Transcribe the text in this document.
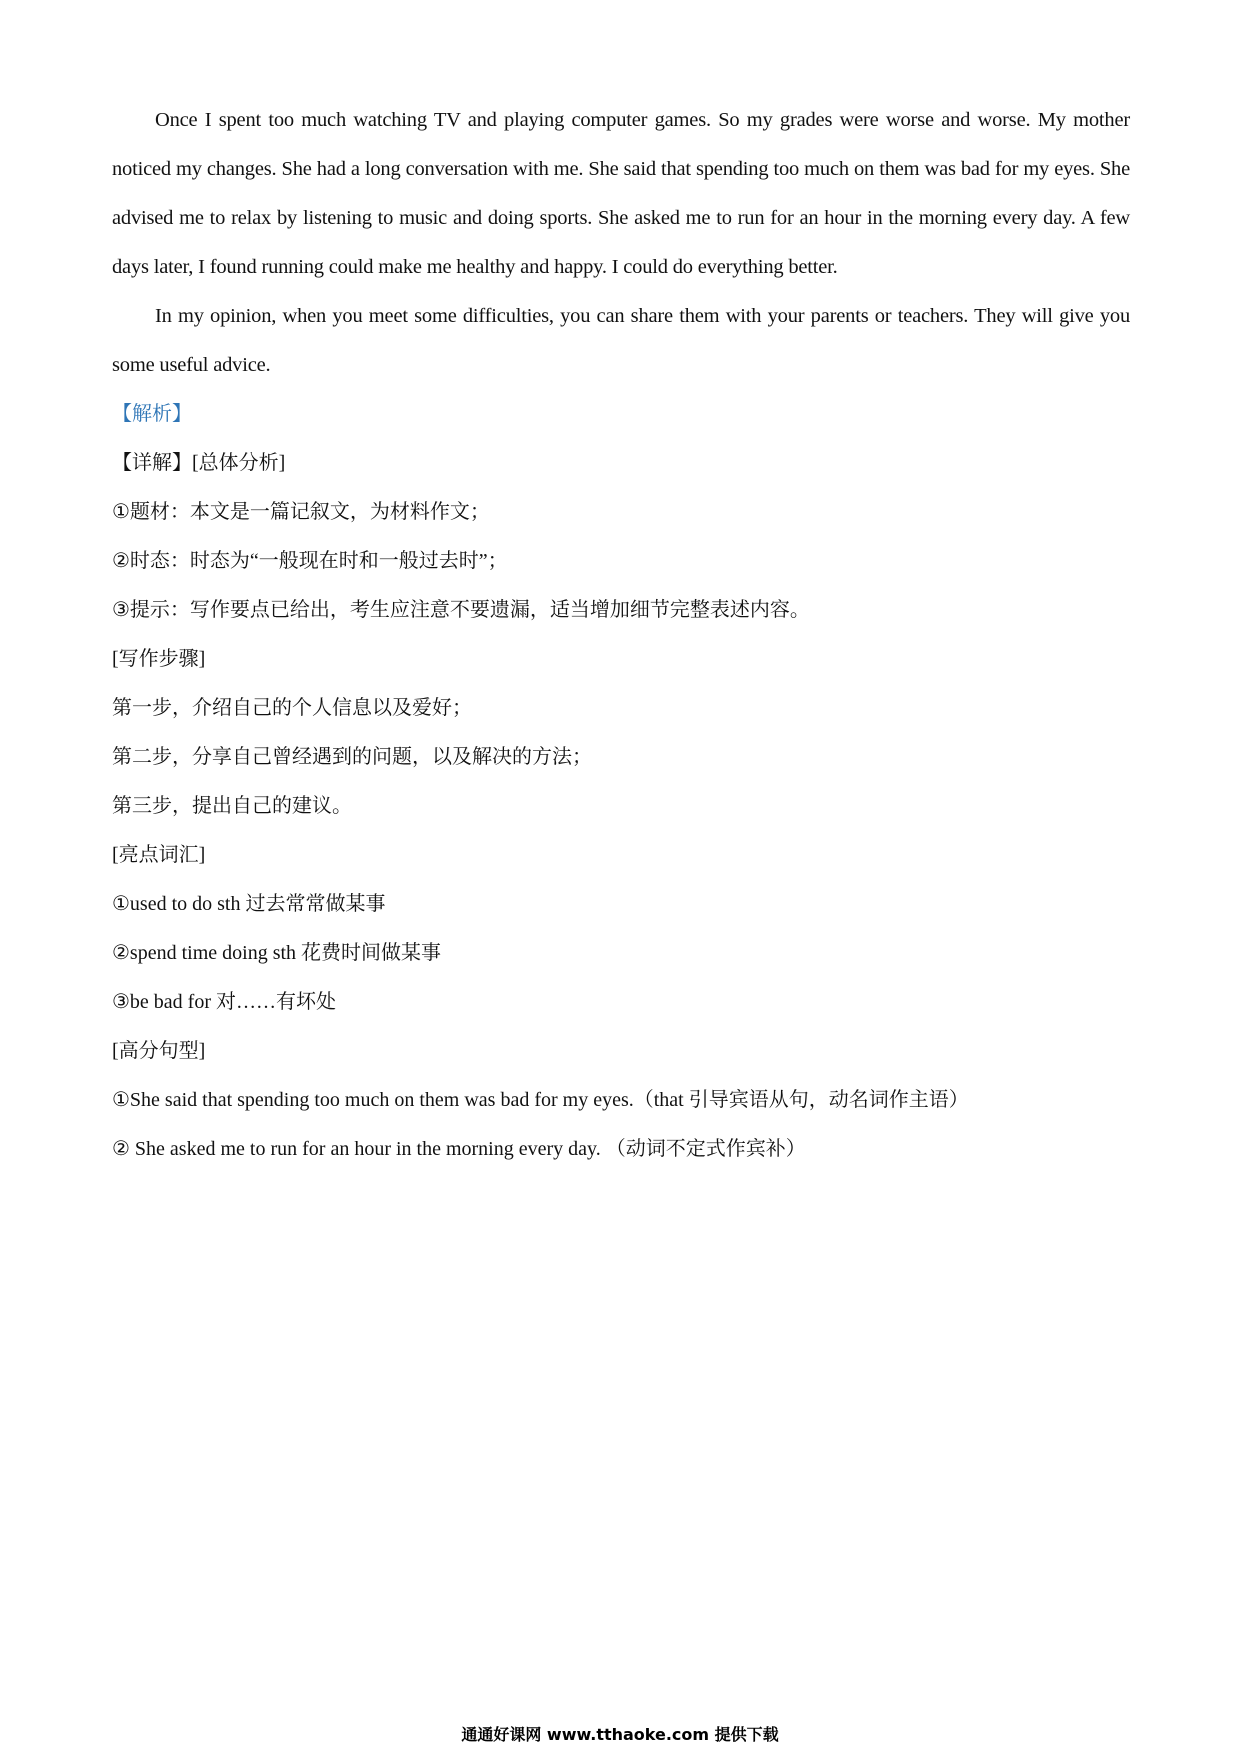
Once I spent too much watching TV and playing computer games. So my grades were worse and worse. My mother noticed my changes. She had a long conversation with me. She said that spending too much on them was bad for my eyes. She advised me to relax by listening to music and doing sports. She asked me to run for an hour in the morning every day. A few days later, I found running could make me healthy and happy. I could do everything better.

In my opinion, when you meet some difficulties, you can share them with your parents or teachers. They will give you some useful advice.

【解析】

【详解】[总体分析]

①题材：本文是一篇记叙文，为材料作文；

②时态：时态为“一般现在时和一般过去时”；

③提示：写作要点已给出，考生应注意不要遗漏，适当增加细节完整表述内容。

[写作步骤]

第一步，介绍自己的个人信息以及爱好；

第二步，分享自己曾经遇到的问题，以及解决的方法；

第三步，提出自己的建议。

[亮点词汇]

①used to do sth 过去常常做某事

②spend time doing sth 花费时间做某事

③be bad for 对……有坏处

[高分句型]

①She said that spending too much on them was bad for my eyes.（that 引导宾语从句，动名词作主语）

② She asked me to run for an hour in the morning every day. （动词不定式作宾补）

通通好课网 www.tthaoke.com 提供下载
